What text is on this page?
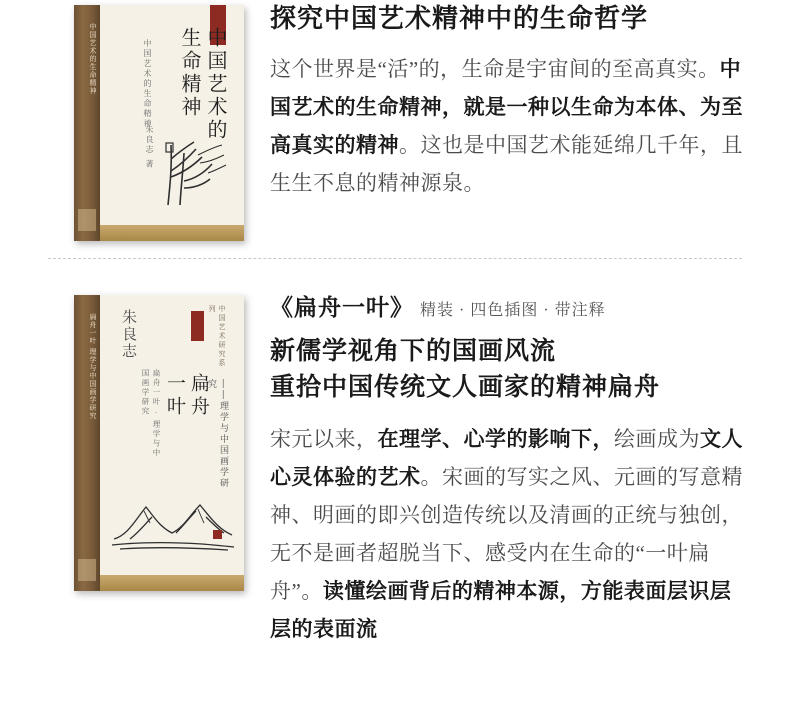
中国艺术的生命精神	中国艺术的生命精神	中国艺术的
生命精神
朱良志 著
探究中国艺术精神中的生命哲学

这个世界是“活”的，生命是宇宙间的至高真实。中国艺术的生命精神，就是一种以生命为本体、为至高真实的精神。这也是中国艺术能延绵几千年，且生生不息的精神源泉。

扁舟一叶 理学与中国画学研究 朱良志	中国艺术研究系列
扁舟
一叶	——理学与中国画学研究
扁舟一叶 · 理学与中国画学研究

《扁舟一叶》 精装 · 四色插图 · 带注释

新儒学视角下的国画风流
重拾中国传统文人画家的精神扁舟

宋元以来，在理学、心学的影响下，绘画成为文人心灵体验的艺术。宋画的写实之风、元画的写意精神、明画的即兴创造传统以及清画的正统与独创，无不是画者超脱当下、感受内在生命的“一叶扁舟”。读懂绘画背后的精神本源，方能表面层识层层的表面流
